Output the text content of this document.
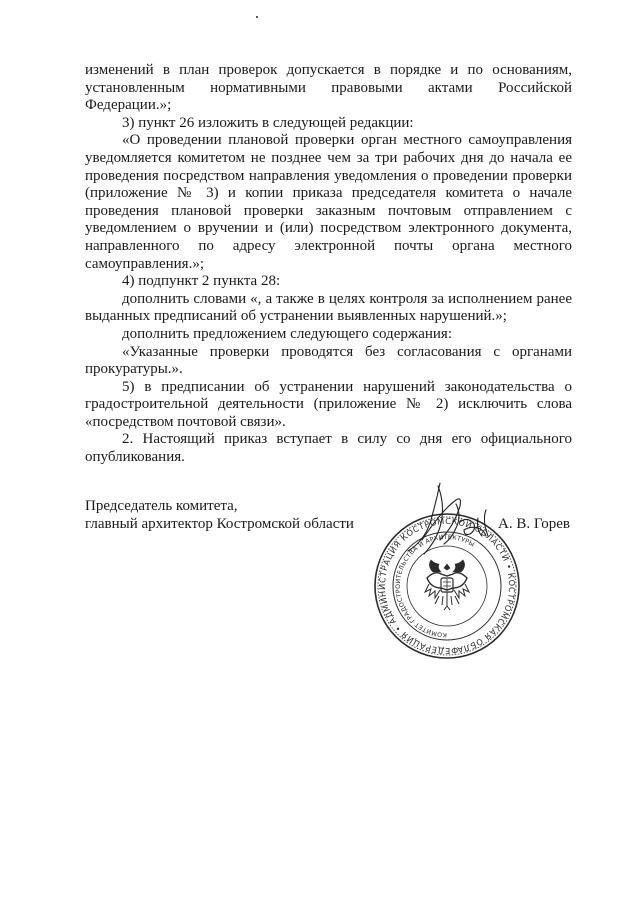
изменений в план проверок допускается в порядке и по основаниям, установленным нормативными правовыми актами Российской Федерации.»;

3) пункт 26 изложить в следующей редакции:

«О проведении плановой проверки орган местного самоуправления уведомляется комитетом не позднее чем за три рабочих дня до начала ее проведения посредством направления уведомления о проведении проверки (приложение № 3) и копии приказа председателя комитета о начале проведения плановой проверки заказным почтовым отправлением с уведомлением о вручении и (или) посредством электронного документа, направленного по адресу электронной почты органа местного самоуправления.»;

4) подпункт 2 пункта 28:

дополнить словами «, а также в целях контроля за исполнением ранее выданных предписаний об устранении выявленных нарушений.»;

дополнить предложением следующего содержания:

«Указанные проверки проводятся без согласования с органами прокуратуры.».

5) в предписании об устранении нарушений законодательства о градостроительной деятельности (приложение № 2) исключить слова «посредством почтовой связи».

2. Настоящий приказ вступает в силу со дня его официального опубликования.

Председатель комитета,
главный архитектор Костромской области
ФЕДЕРАЦИЯ • АДМИНИСТРАЦИЯ КОСТРОМСКОЙ ОБЛАСТИ • КОСТРОМСКАЯ ОБЛАСТЬ
КОМИТЕТ ГРАДОСТРОИТЕЛЬСТВА И АРХИТЕКТУРЫ
А. В. Горев
